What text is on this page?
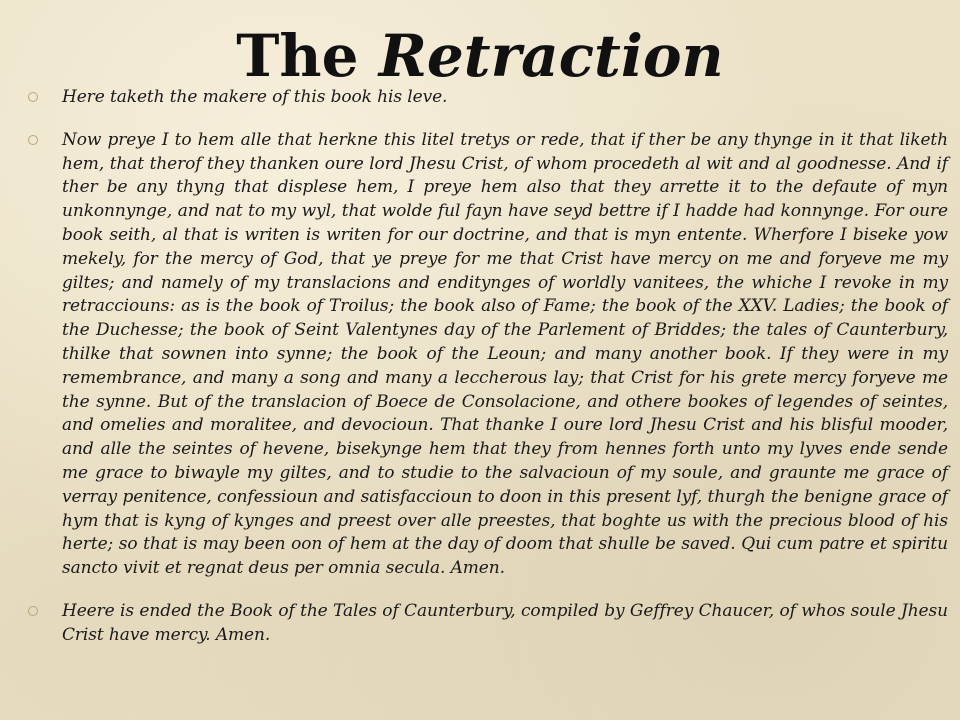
The Retraction
Here taketh the makere of this book his leve.
Now preye I to hem alle that herkne this litel tretys or rede, that if ther be any thynge in it that liketh hem, that therof they thanken oure lord Jhesu Crist, of whom procedeth al wit and al goodnesse. And if ther be any thyng that displese hem, I preye hem also that they arrette it to the defaute of myn unkonnynge, and nat to my wyl, that wolde ful fayn have seyd bettre if I hadde had konnynge. For oure book seith, al that is writen is writen for our doctrine, and that is myn entente. Wherfore I biseke yow mekely, for the mercy of God, that ye preye for me that Crist have mercy on me and foryeve me my giltes; and namely of my translacions and enditynges of worldly vanitees, the whiche I revoke in my retracciouns: as is the book of Troilus; the book also of Fame; the book of the XXV. Ladies; the book of the Duchesse; the book of Seint Valentynes day of the Parlement of Briddes; the tales of Caunterbury, thilke that sownen into synne; the book of the Leoun; and many another book. If they were in my remembrance, and many a song and many a leccherous lay; that Crist for his grete mercy foryeve me the synne. But of the translacion of Boece de Consolacione, and othere bookes of legendes of seintes, and omelies and moralitee, and devocioun. That thanke I oure lord Jhesu Crist and his blisful mooder, and alle the seintes of hevene, bisekynge hem that they from hennes forth unto my lyves ende sende me grace to biwayle my giltes, and to studie to the salvacioun of my soule, and graunte me grace of verray penitence, confessioun and satisfaccioun to doon in this present lyf, thurgh the benigne grace of hym that is kyng of kynges and preest over alle preestes, that boghte us with the precious blood of his herte; so that is may been oon of hem at the day of doom that shulle be saved. Qui cum patre et spiritu sancto vivit et regnat deus per omnia secula. Amen.
Heere is ended the Book of the Tales of Caunterbury, compiled by Geffrey Chaucer, of whos soule Jhesu Crist have mercy. Amen.
